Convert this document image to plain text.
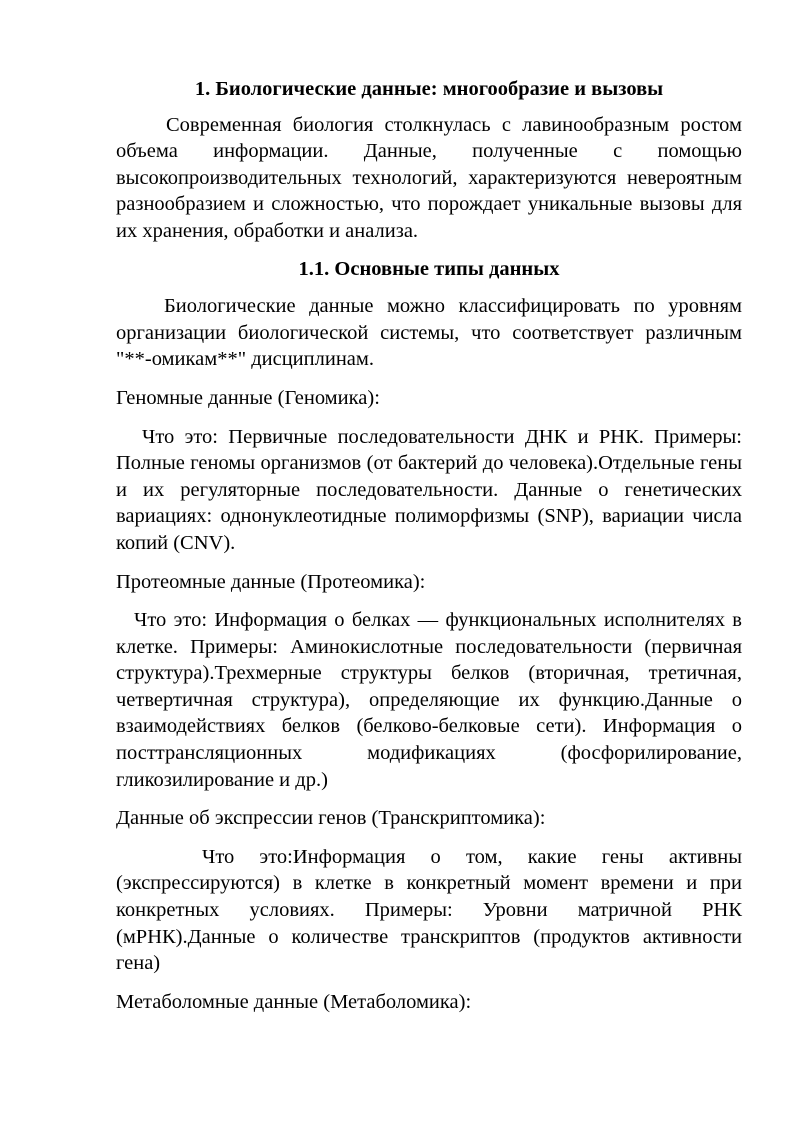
1. Биологические данные: многообразие и вызовы

Современная биология столкнулась с лавинообразным ростом объема информации. Данные, полученные с помощью высокопроизводительных технологий, характеризуются невероятным разнообразием и сложностью, что порождает уникальные вызовы для их хранения, обработки и анализа.

1.1. Основные типы данных

Биологические данные можно классифицировать по уровням организации биологической системы, что соответствует различным "**-омикам**" дисциплинам.

Геномные данные (Геномика):

Что это: Первичные последовательности ДНК и РНК. Примеры: Полные геномы организмов (от бактерий до человека).Отдельные гены и их регуляторные последовательности. Данные о генетических вариациях: однонуклеотидные полиморфизмы (SNP), вариации числа копий (CNV).

Протеомные данные (Протеомика):

Что это: Информация о белках — функциональных исполнителях в клетке. Примеры: Аминокислотные последовательности (первичная структура).Трехмерные структуры белков (вторичная, третичная, четвертичная структура), определяющие их функцию.Данные о взаимодействиях белков (белково-белковые сети). Информация о посттрансляционных модификациях (фосфорилирование, гликозилирование и др.)

Данные об экспрессии генов (Транскриптомика):

Что это:Информация о том, какие гены активны (экспрессируются) в клетке в конкретный момент времени и при конкретных условиях. Примеры: Уровни матричной РНК (мРНК).Данные о количестве транскриптов (продуктов активности гена)

Метаболомные данные (Метаболомика):
